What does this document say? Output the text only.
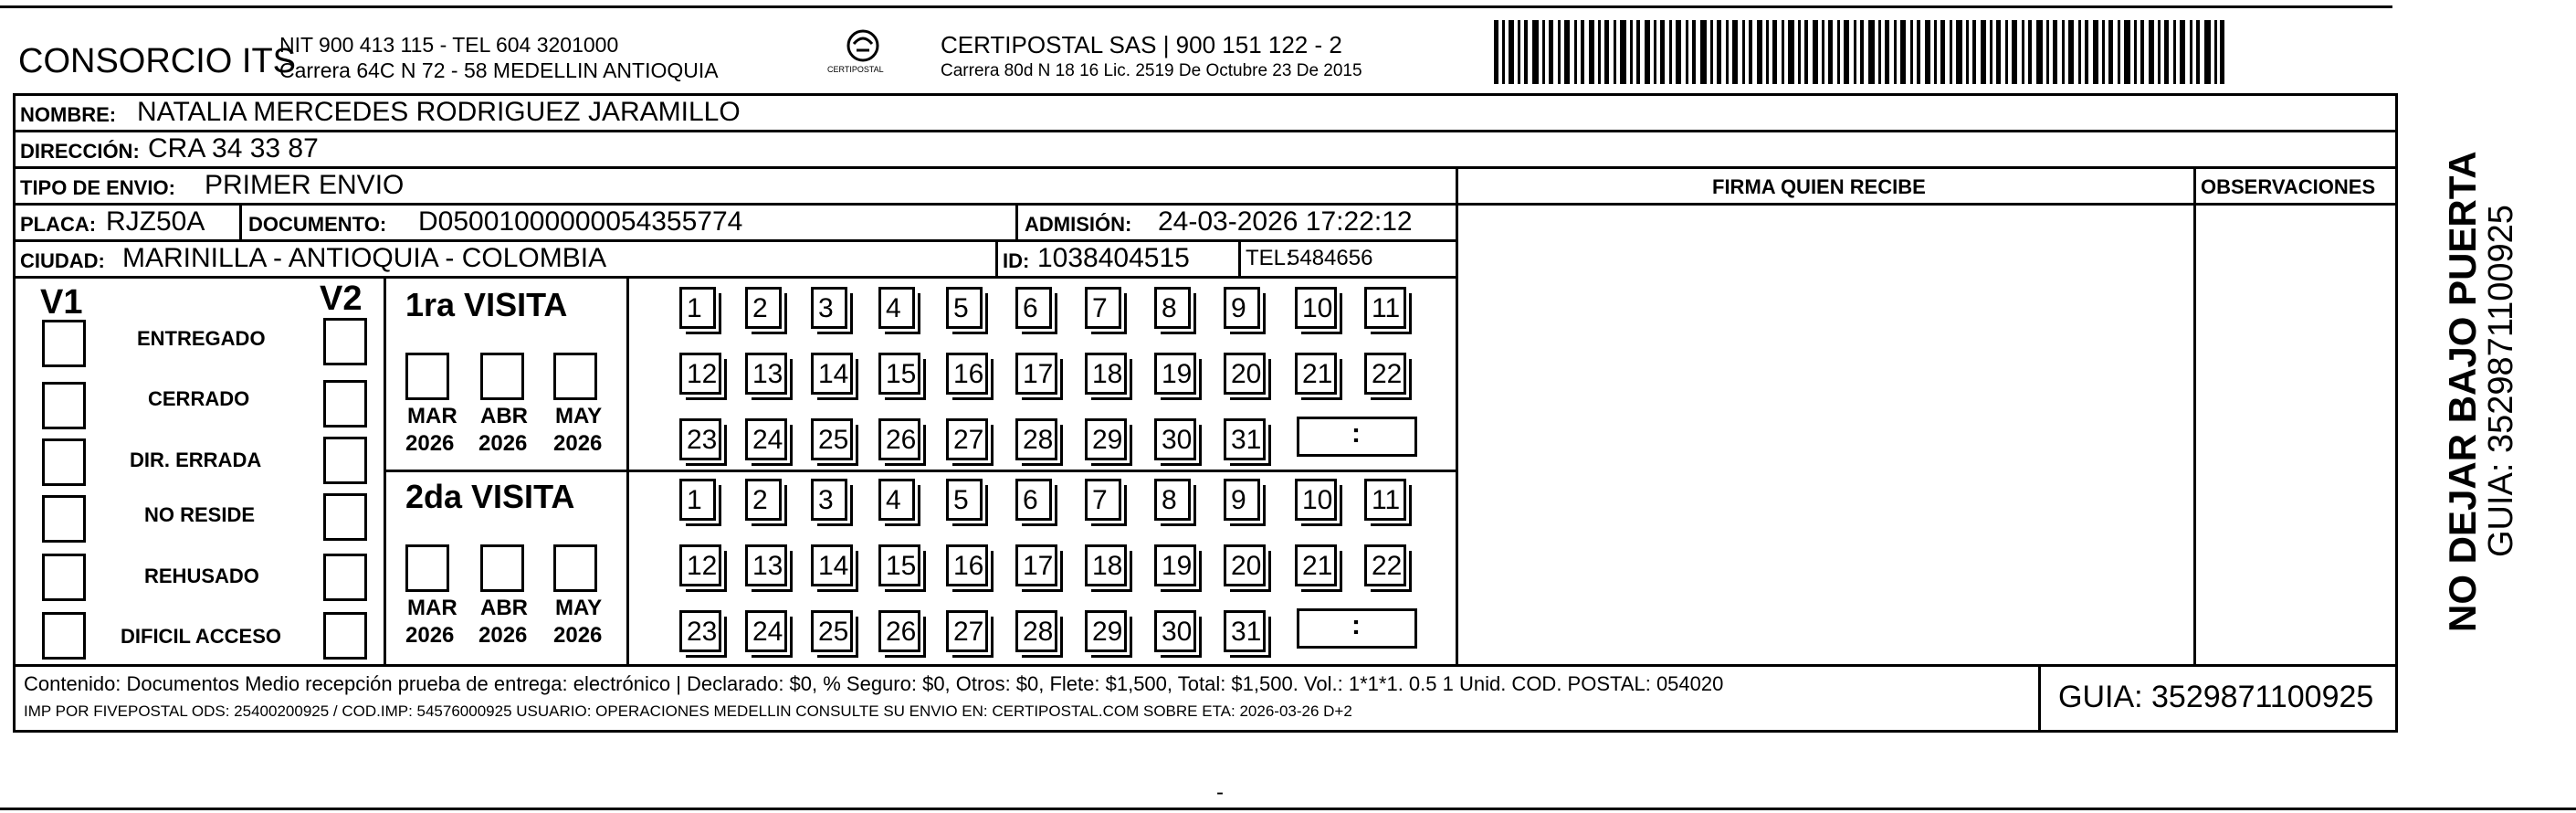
CONSORCIO ITS
NIT 900 413 115 - TEL 604 3201000
Carrera 64C N 72 - 58 MEDELLIN ANTIOQUIA	CERTIPOSTAL
CERTIPOSTAL SAS | 900 151 122 - 2
Carrera 80d N 18 16 Lic. 2519 De Octubre 23 De 2015
NOMBRE: NATALIA MERCEDES RODRIGUEZ JARAMILLO
DIRECCIÓN: CRA 34 33 87
TIPO DE ENVIO: PRIMER ENVIO
PLACA: RJZ50A DOCUMENTO: D05001000000054355774	ADMISIÓN: 24-03-2026 17:22:12
CIUDAD: MARINILLA - ANTIOQUIA - COLOMBIA	ID: 1038404515	TEL:
5484656
FIRMA QUIEN RECIBE	OBSERVACIONES
V1	V2
ENTREGADO
CERRADO
DIR. ERRADA
NO RESIDE
REHUSADO
DIFICIL ACCESO
1ra VISITA
MAR ABR MAY
2026 2026 2026
1	2	3	4	5	6	7	8	9	10 11
12 13 14 15 16 17 18 19 20 21 22
23 24 25 26 27 28 29 30 31	:
2da VISITA
MAR ABR MAY
2026 2026 2026
1	2	3	4	5	6	7	8	9	10 11
12 13 14 15 16 17 18 19 20 21 22
23 24 25 26 27 28 29 30 31	:
Contenido: Documentos Medio recepción prueba de entrega: electrónico | Declarado: $0, % Seguro: $0, Otros: $0, Flete: $1,500, Total: $1,500. Vol.: 1*1*1. 0.5 1 Unid. COD. POSTAL: 054020
IMP POR FIVEPOSTAL ODS: 25400200925 / COD.IMP: 54576000925 USUARIO: OPERACIONES MEDELLIN CONSULTE SU ENVIO EN: CERTIPOSTAL.COM SOBRE ETA: 2026-03-26 D+2	GUIA: 3529871100925
NO DEJAR BAJO PUERTA
GUIA: 3529871100925
-
